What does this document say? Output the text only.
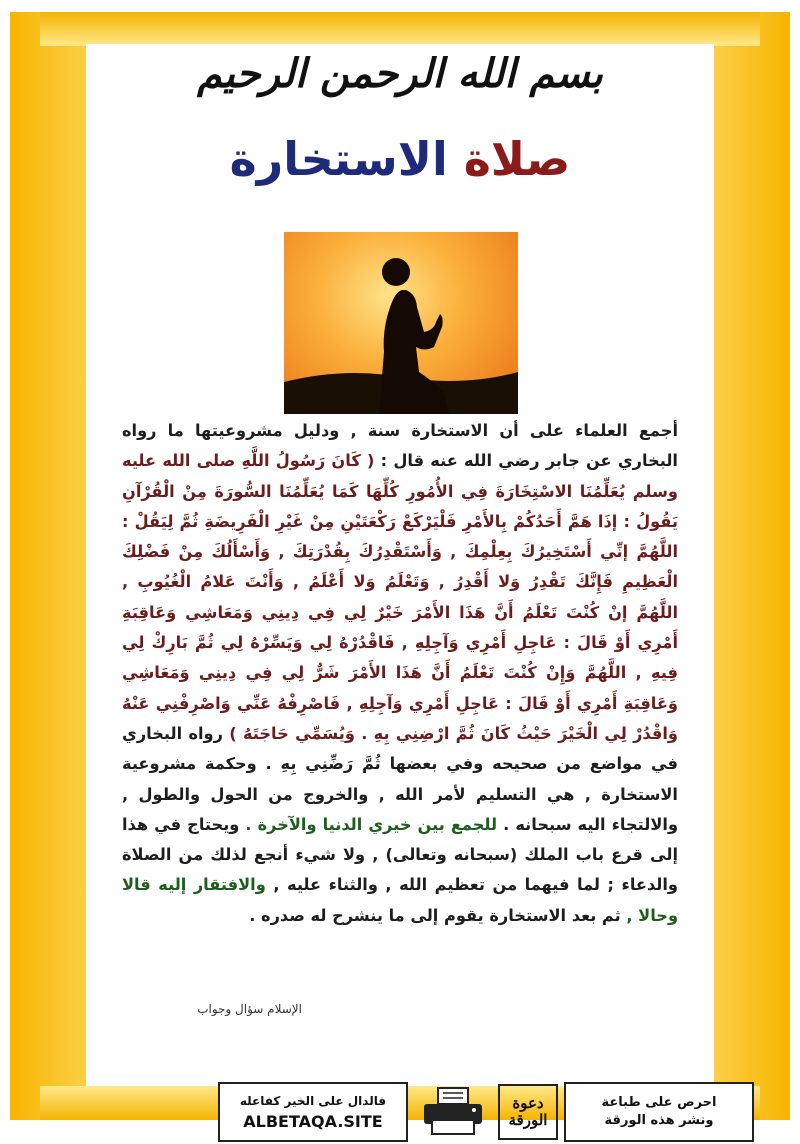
بسم الله الرحمن الرحيم
صلاة الاستخارة
أجمع العلماء على أن الاستخارة سنة , ودليل مشروعيتها ما رواه البخاري عن جابر رضي الله عنه قال : ( كَانَ رَسُولُ اللَّهِ صلى الله عليه وسلم يُعَلِّمُنَا الاسْتِخَارَةَ فِي الأُمُورِ كُلِّهَا كَمَا يُعَلِّمُنَا السُّورَةَ مِنْ الْقُرْآنِ يَقُولُ : إذَا هَمَّ أَحَدُكُمْ بِالأَمْرِ فَلْيَرْكَعْ رَكْعَتَيْنِ مِنْ غَيْرِ الْفَرِيضَةِ ثُمَّ لِيَقُلْ : اللَّهُمَّ إنِّي أَسْتَخِيرُكَ بِعِلْمِكَ , وَأَسْتَقْدِرُكَ بِقُدْرَتِكَ , وَأَسْأَلُكَ مِنْ فَضْلِكَ الْعَظِيمِ فَإِنَّكَ تَقْدِرُ وَلا أَقْدِرُ , وَتَعْلَمُ وَلا أَعْلَمُ , وَأَنْتَ عَلامُ الْغُيُوبِ , اللَّهُمَّ إنْ كُنْتَ تَعْلَمُ أَنَّ هَذَا الأَمْرَ خَيْرٌ لِي فِي دِينِي وَمَعَاشِي وَعَاقِبَةِ أَمْرِي أَوْ قَالَ : عَاجِلِ أَمْرِي وَآجِلِهِ , فَاقْدُرْهُ لِي وَيَسِّرْهُ لِي ثُمَّ بَارِكْ لِي فِيهِ , اللَّهُمَّ وَإِنْ كُنْتَ تَعْلَمُ أَنَّ هَذَا الأَمْرَ شَرٌّ لِي فِي دِينِي وَمَعَاشِي وَعَاقِبَةِ أَمْرِي أَوْ قَالَ : عَاجِلِ أَمْرِي وَآجِلِهِ , فَاصْرِفْهُ عَنِّي وَاصْرِفْنِي عَنْهُ وَاقْدُرْ لِي الْخَيْرَ حَيْثُ كَانَ ثُمَّ ارْضِنِي بِهِ . وَيُسَمِّي حَاجَتَهُ ) رواه البخاري في مواضع من صحيحه وفي بعضها ثُمَّ رَضِّنِي بِهِ . وحكمة مشروعية الاستخارة , هي التسليم لأمر الله , والخروج من الحول والطول , والالتجاء اليه سبحانه . للجمع بين خيري الدنيا والآخرة . ويحتاج في هذا إلى قرع باب الملك (سبحانه وتعالى) , ولا شيء أنجع لذلك من الصلاة والدعاء ; لما فيهما من تعظيم الله , والثناء عليه , والافتقار إليه قالا وحالا , ثم بعد الاستخارة يقوم إلى ما ينشرح له صدره .
الإسلام سؤال وجواب
فالدال على الخير كفاعله
ALBETAQA.SITE
دعوة الورقة
احرص على طباعة
ونشر هذه الورقة
